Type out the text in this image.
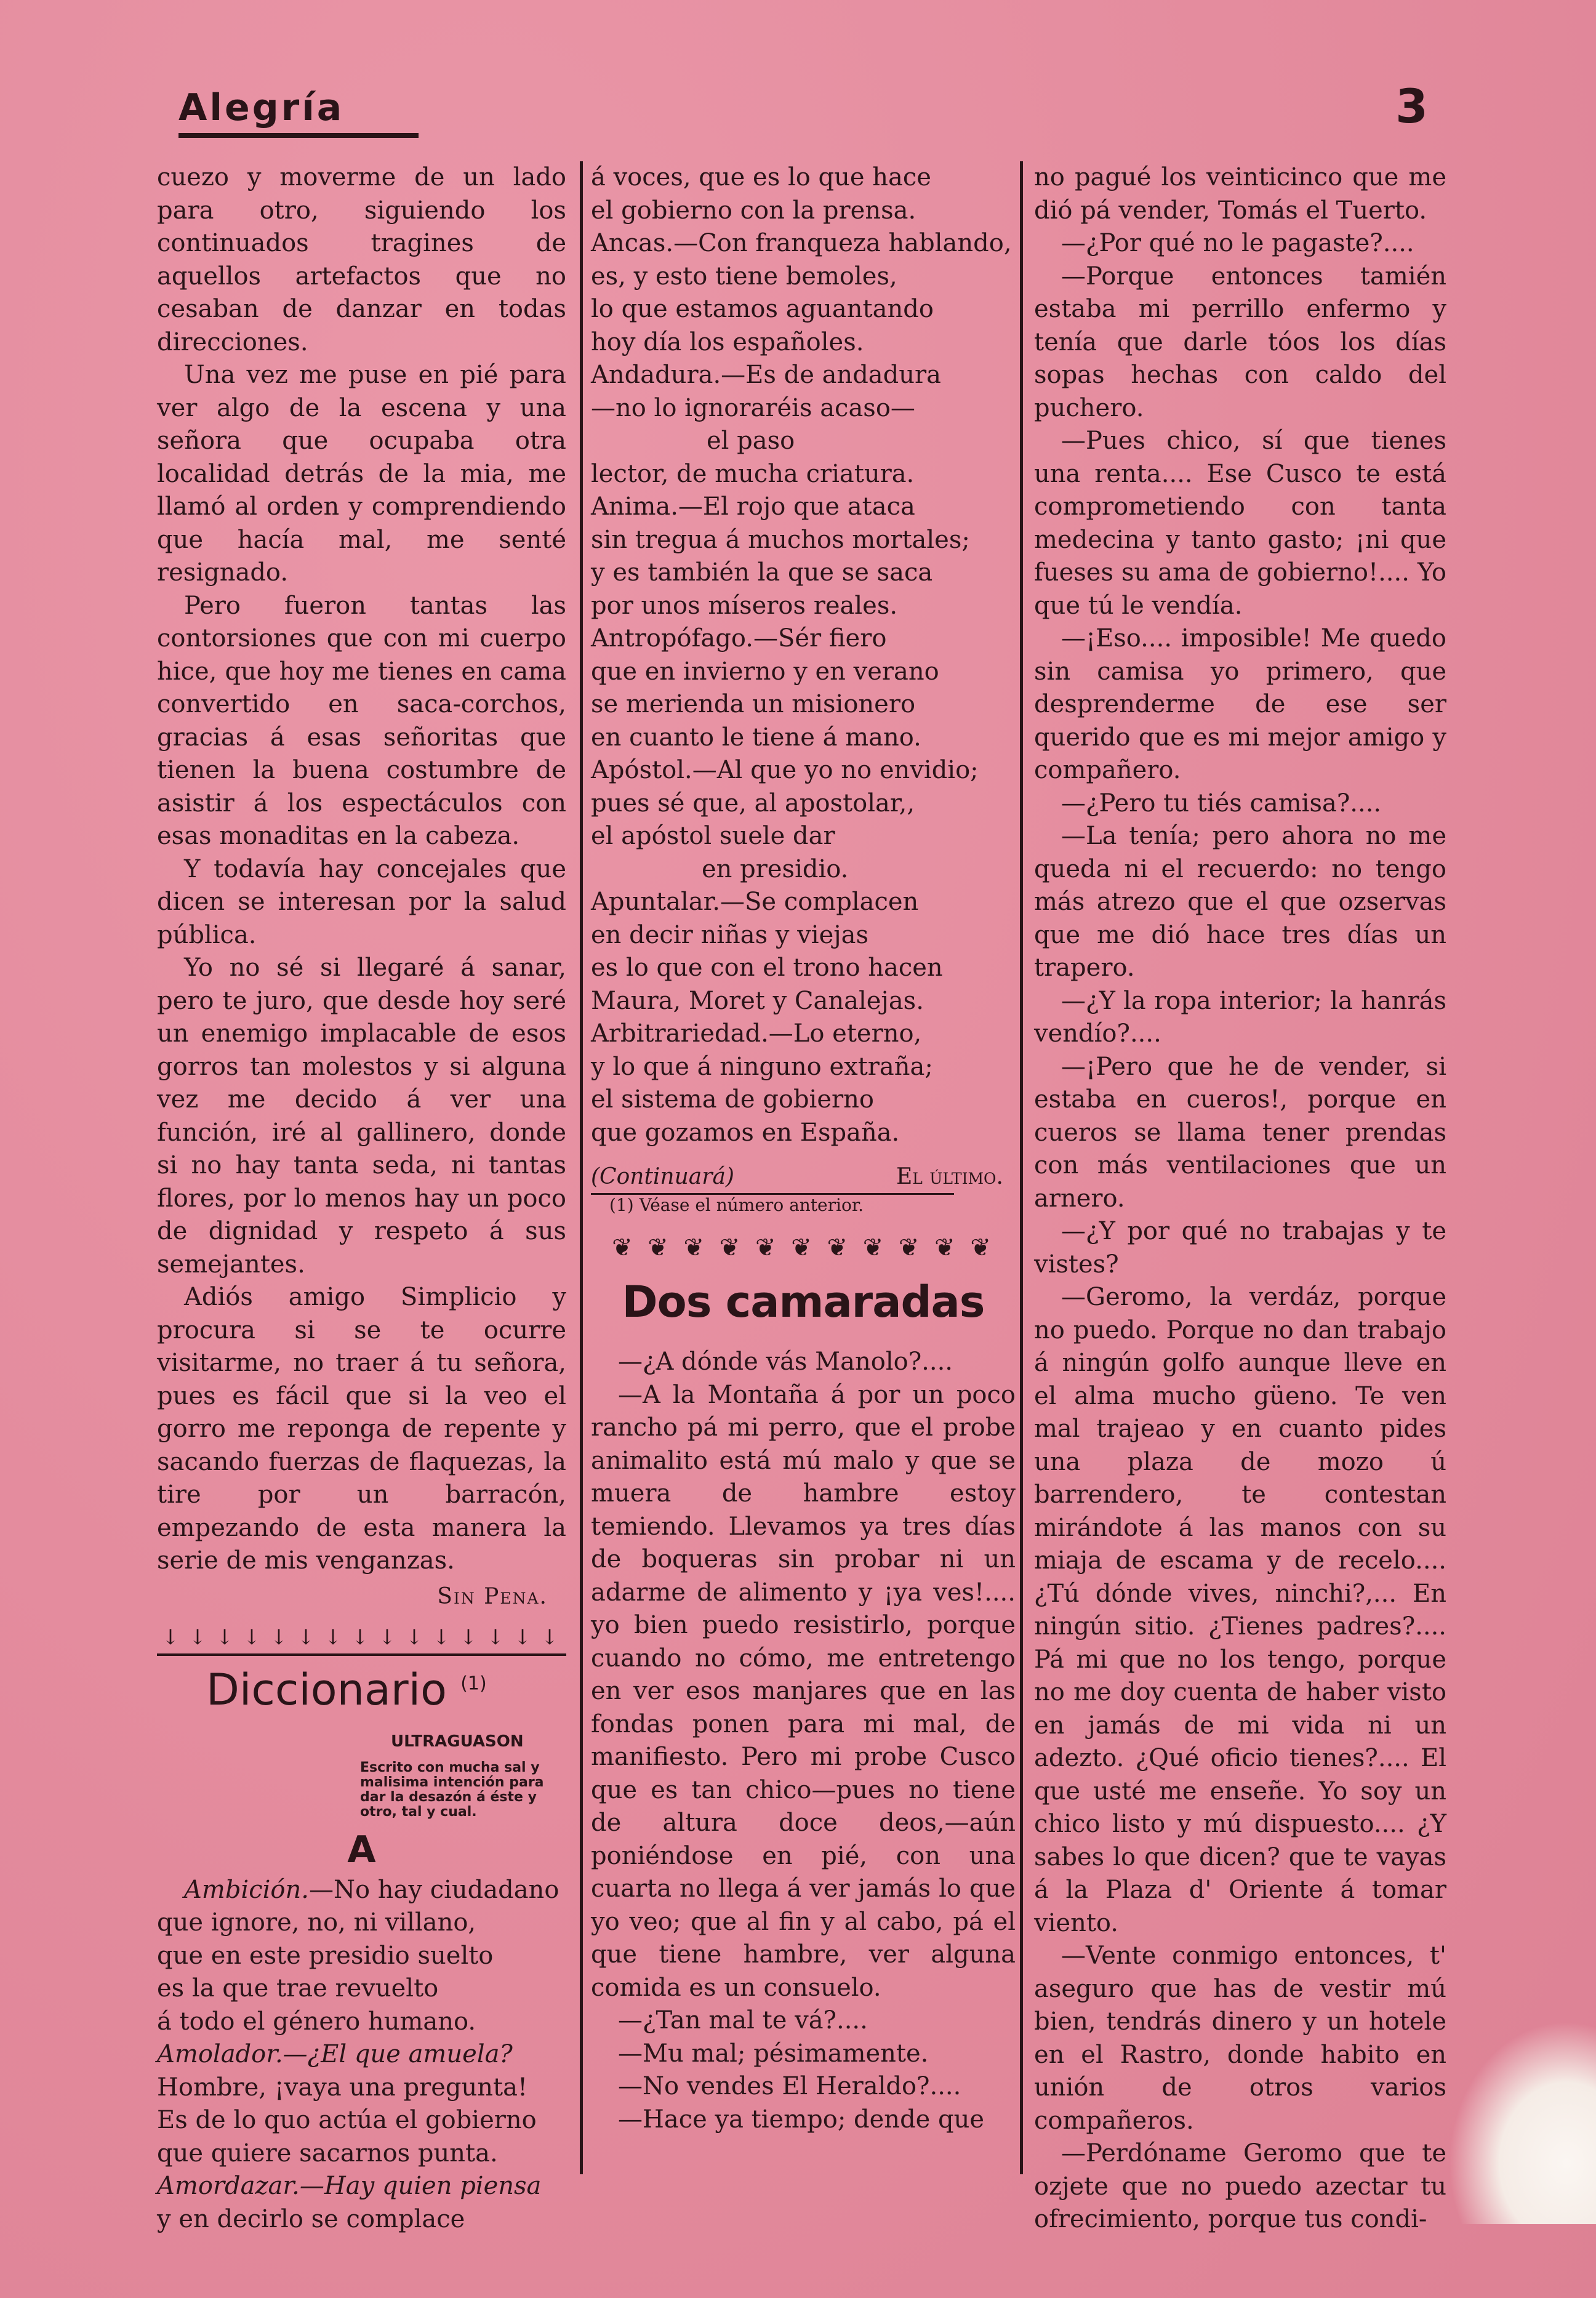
Alegría	3

cuezo y moverme de un lado para otro, siguiendo los continuados tragines de aquellos artefactos que no cesaban de danzar en todas direcciones.

Una vez me puse en pié para ver algo de la escena y una señora que ocupaba otra localidad detrás de la mia, me llamó al orden y comprendiendo que hacía mal, me senté resignado.

Pero fueron tantas las contorsiones que con mi cuerpo hice, que hoy me tienes en cama convertido en saca-corchos, gracias á esas señoritas que tienen la buena costumbre de asistir á los espectáculos con esas monaditas en la cabeza.

Y todavía hay concejales que dicen se interesan por la salud pública.

Yo no sé si llegaré á sanar, pero te juro, que desde hoy seré un enemigo implacable de esos gorros tan molestos y si alguna vez me decido á ver una función, iré al gallinero, donde si no hay tanta seda, ni tantas flores, por lo menos hay un poco de dignidad y respeto á sus semejantes.

Adiós amigo Simplicio y procura si se te ocurre visitarme, no traer á tu señora, pues es fácil que si la veo el gorro me reponga de repente y sacando fuerzas de flaquezas, la tire por un barracón, empezando de esta manera la serie de mis venganzas.

Sin Pena.
↓ ↓ ↓ ↓ ↓ ↓ ↓ ↓ ↓ ↓ ↓ ↓ ↓ ↓ ↓
Diccionario $^{(1)}$
ULTRAGUASON
Escrito con mucha sal y malisima intención para dar la desazón á éste y otro, tal y cual.
A
Ambición.—No hay ciudadano
que ignore, no, ni villano,
que en este presidio suelto
es la que trae revuelto
á todo el género humano.
Amolador.—¿El que amuela?
Hombre, ¡vaya una pregunta!
Es de lo quo actúa el gobierno
que quiere sacarnos punta.
Amordazar.—Hay quien piensa
y en decirlo se complace
á voces, que es lo que hace
el gobierno con la prensa.
Ancas.—Con franqueza hablando,
es, y esto tiene bemoles,
lo que estamos aguantando
hoy día los españoles.
Andadura.—Es de andadura
—no lo ignoraréis acaso—
el paso
lector, de mucha criatura.
Anima.—El rojo que ataca
sin tregua á muchos mortales;
y es también la que se saca
por unos míseros reales.
Antropófago.—Sér fiero
que en invierno y en verano
se merienda un misionero
en cuanto le tiene á mano.
Apóstol.—Al que yo no envidio;
pues sé que, al apostolar,,
el apóstol suele dar
en presidio.
Apuntalar.—Se complacen
en decir niñas y viejas
es lo que con el trono hacen
Maura, Moret y Canalejas.
Arbitrariedad.—Lo eterno,
y lo que á ninguno extraña;
el sistema de gobierno
que gozamos en España.
(Continuará)	El último.
(1) Véase el número anterior.
❦ ❦ ❦ ❦ ❦ ❦ ❦ ❦ ❦ ❦ ❦
Dos camaradas

—¿A dónde vás Manolo?....

—A la Montaña á por un poco rancho pá mi perro, que el probe animalito está mú malo y que se muera de hambre estoy temiendo. Llevamos ya tres días de boqueras sin probar ni un adarme de alimento y ¡ya ves!.... yo bien puedo resistirlo, porque cuando no cómo, me entretengo en ver esos manjares que en las fondas ponen para mi mal, de manifiesto. Pero mi probe Cusco que es tan chico—pues no tiene de altura doce deos,—aún poniéndose en pié, con una cuarta no llega á ver jamás lo que yo veo; que al fin y al cabo, pá el que tiene hambre, ver alguna comida es un consuelo.

—¿Tan mal te vá?....

—Mu mal; pésimamente.

—No vendes El Heraldo?....

—Hace ya tiempo; dende que

no pagué los veinticinco que me dió pá vender, Tomás el Tuerto.

—¿Por qué no le pagaste?....

—Porque entonces tamién estaba mi perrillo enfermo y tenía que darle tóos los días sopas hechas con caldo del puchero.

—Pues chico, sí que tienes una renta.... Ese Cusco te está comprometiendo con tanta medecina y tanto gasto; ¡ni que fueses su ama de gobierno!.... Yo que tú le vendía.

—¡Eso.... imposible! Me quedo sin camisa yo primero, que desprenderme de ese ser querido que es mi mejor amigo y compañero.

—¿Pero tu tiés camisa?....

—La tenía; pero ahora no me queda ni el recuerdo: no tengo más atrezo que el que ozservas que me dió hace tres días un trapero.

—¿Y la ropa interior; la hanrás vendío?....

—¡Pero que he de vender, si estaba en cueros!, porque en cueros se llama tener prendas con más ventilaciones que un arnero.

—¿Y por qué no trabajas y te vistes?

—Geromo, la verdáz, porque no puedo. Porque no dan trabajo á ningún golfo aunque lleve en el alma mucho güeno. Te ven mal trajeao y en cuanto pides una plaza de mozo ú barrendero, te contestan mirándote á las manos con su miaja de escama y de recelo.... ¿Tú dónde vives, ninchi?,... En ningún sitio. ¿Tienes padres?.... Pá mi que no los tengo, porque no me doy cuenta de haber visto en jamás de mi vida ni un adezto. ¿Qué oficio tienes?.... El que usté me enseñe. Yo soy un chico listo y mú dispuesto.... ¿Y sabes lo que dicen? que te vayas á la Plaza d' Oriente á tomar viento.

—Vente conmigo entonces, t' aseguro que has de vestir mú bien, tendrás dinero y un hotele en el Rastro, donde habito en unión de otros varios compañeros.

—Perdóname Geromo que te ozjete que no puedo azectar tu ofrecimiento, porque tus condi-
